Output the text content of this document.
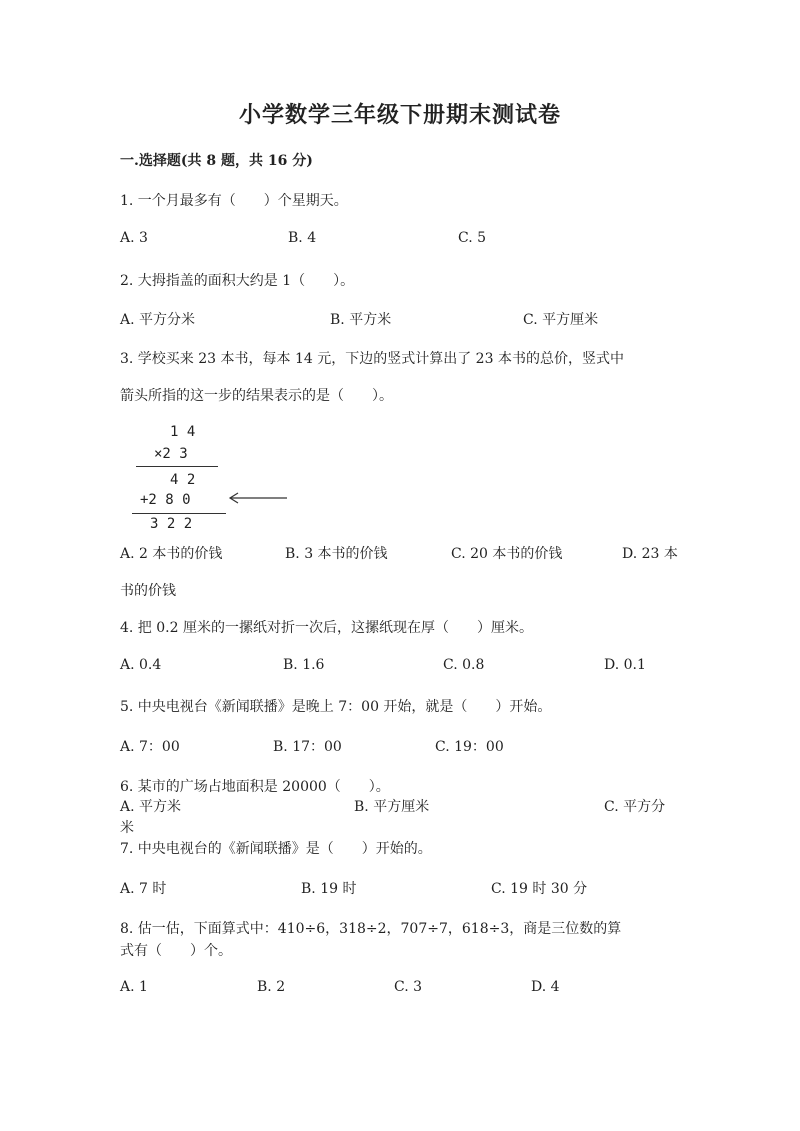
小学数学三年级下册期末测试卷
一.选择题(共 8 题，共 16 分)
1. 一个月最多有（　　）个星期天。
A. 3	B. 4	C. 5
2. 大拇指盖的面积大约是 1（　　）。
A. 平方分米	B. 平方米	C. 平方厘米
3. 学校买来 23 本书，每本 14 元，下边的竖式计算出了 23 本书的总价，竖式中
箭头所指的这一步的结果表示的是（　　）。
1 4
×2 3
4 2
+2 8 0
3 2 2
A. 2 本书的价钱	B. 3 本书的价钱	C. 20 本书的价钱	D. 23 本
书的价钱
4. 把 0.2 厘米的一摞纸对折一次后，这摞纸现在厚（　　）厘米。
A. 0.4	B. 1.6	C. 0.8	D. 0.1
5. 中央电视台《新闻联播》是晚上 7：00 开始，就是（　　）开始。
A. 7：00	B. 17：00	C. 19：00
6. 某市的广场占地面积是 20000（　　）。
A. 平方米	B. 平方厘米	C. 平方分
米
7. 中央电视台的《新闻联播》是（　　）开始的。
A. 7 时	B. 19 时	C. 19 时 30 分
8. 估一估，下面算式中：410÷6，318÷2，707÷7，618÷3，商是三位数的算
式有（　　）个。
A. 1	B. 2	C. 3	D. 4
